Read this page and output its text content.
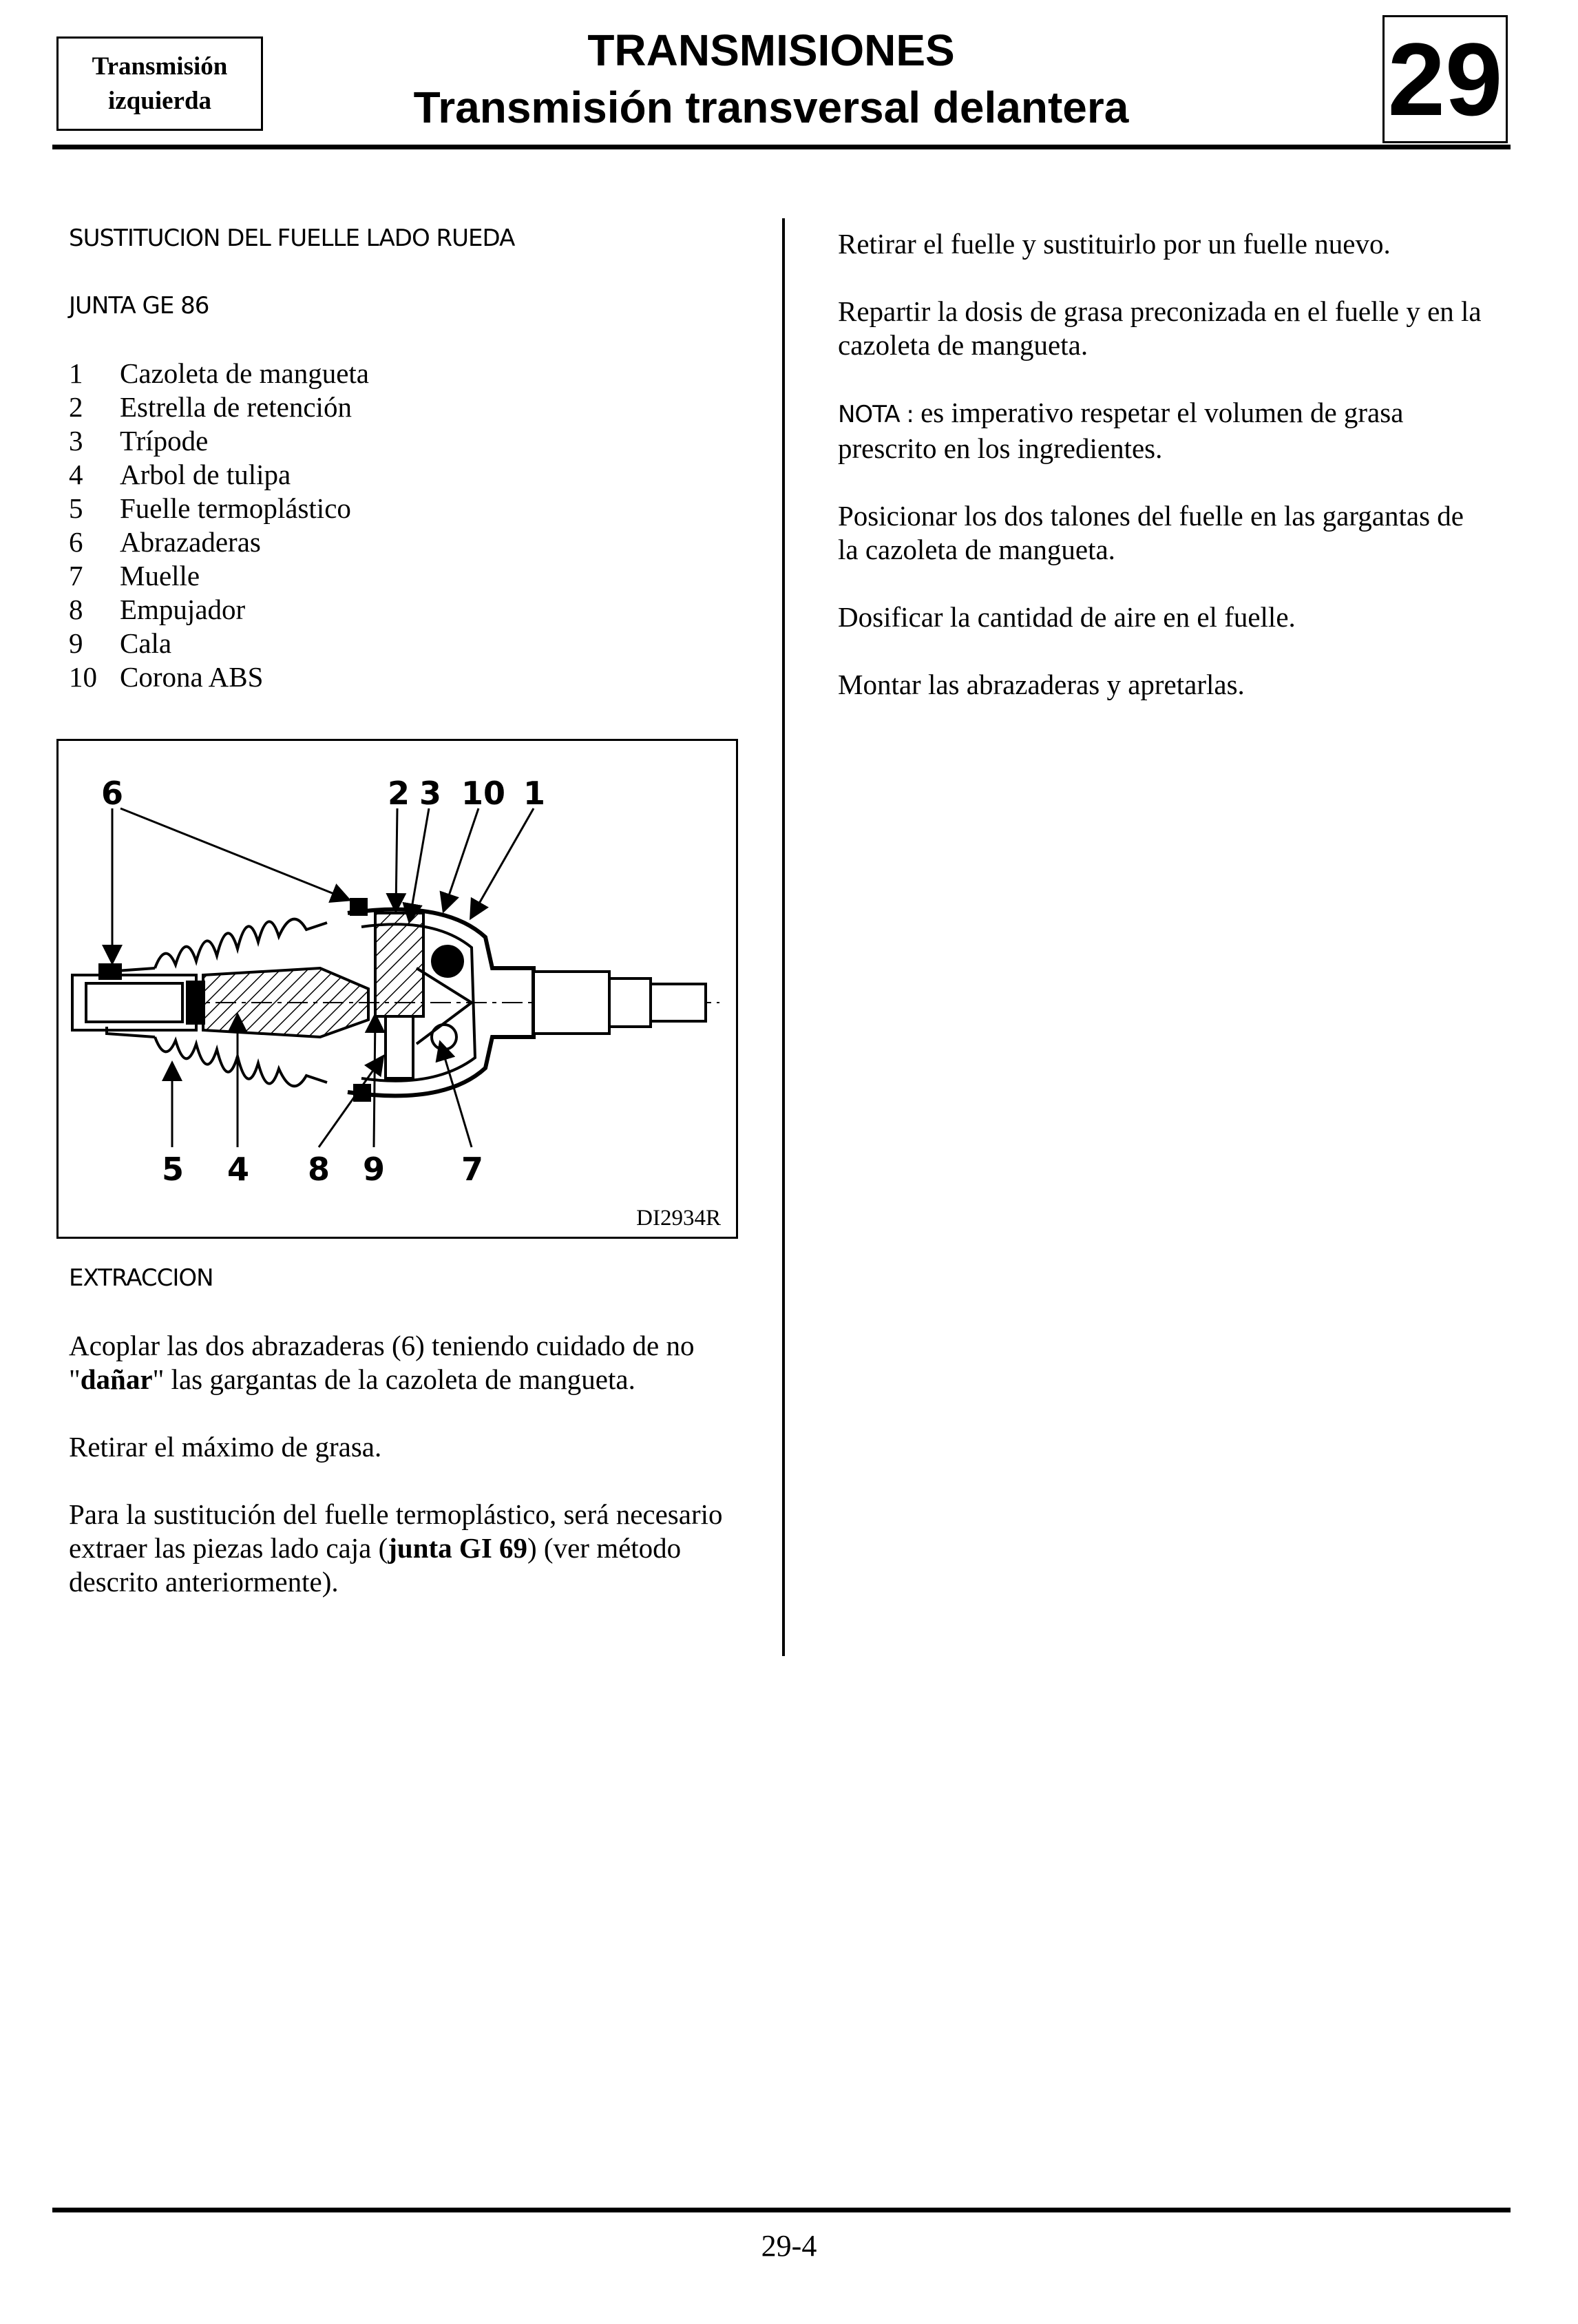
Transmisión
izquierda
TRANSMISIONES
Transmisión transversal delantera	29

SUSTITUCION DEL FUELLE LADO RUEDA

JUNTA GE 86

1	Cazoleta de mangueta
2	Estrella de retención
3	Trípode
4	Arbol de tulipa
5	Fuelle termoplástico
6	Abrazaderas
7	Muelle
8	Empujador
9	Cala
10 Corona ABS
6	2 3 10 1
5 4 8 9 7
DI2934R

EXTRACCION

Acoplar las dos abrazaderas (6) teniendo cuidado de no "dañar" las gargantas de la cazoleta de mangueta.

Retirar el máximo de grasa.

Para la sustitución del fuelle termoplástico, será necesario extraer las piezas lado caja (junta GI 69) (ver método descrito anteriormente).

Retirar el fuelle y sustituirlo por un fuelle nuevo.

Repartir la dosis de grasa preconizada en el fuelle y en la cazoleta de mangueta.

NOTA : es imperativo respetar el volumen de grasa prescrito en los ingredientes.

Posicionar los dos talones del fuelle en las gargantas de la cazoleta de mangueta.

Dosificar la cantidad de aire en el fuelle.

Montar las abrazaderas y apretarlas.

29-4
